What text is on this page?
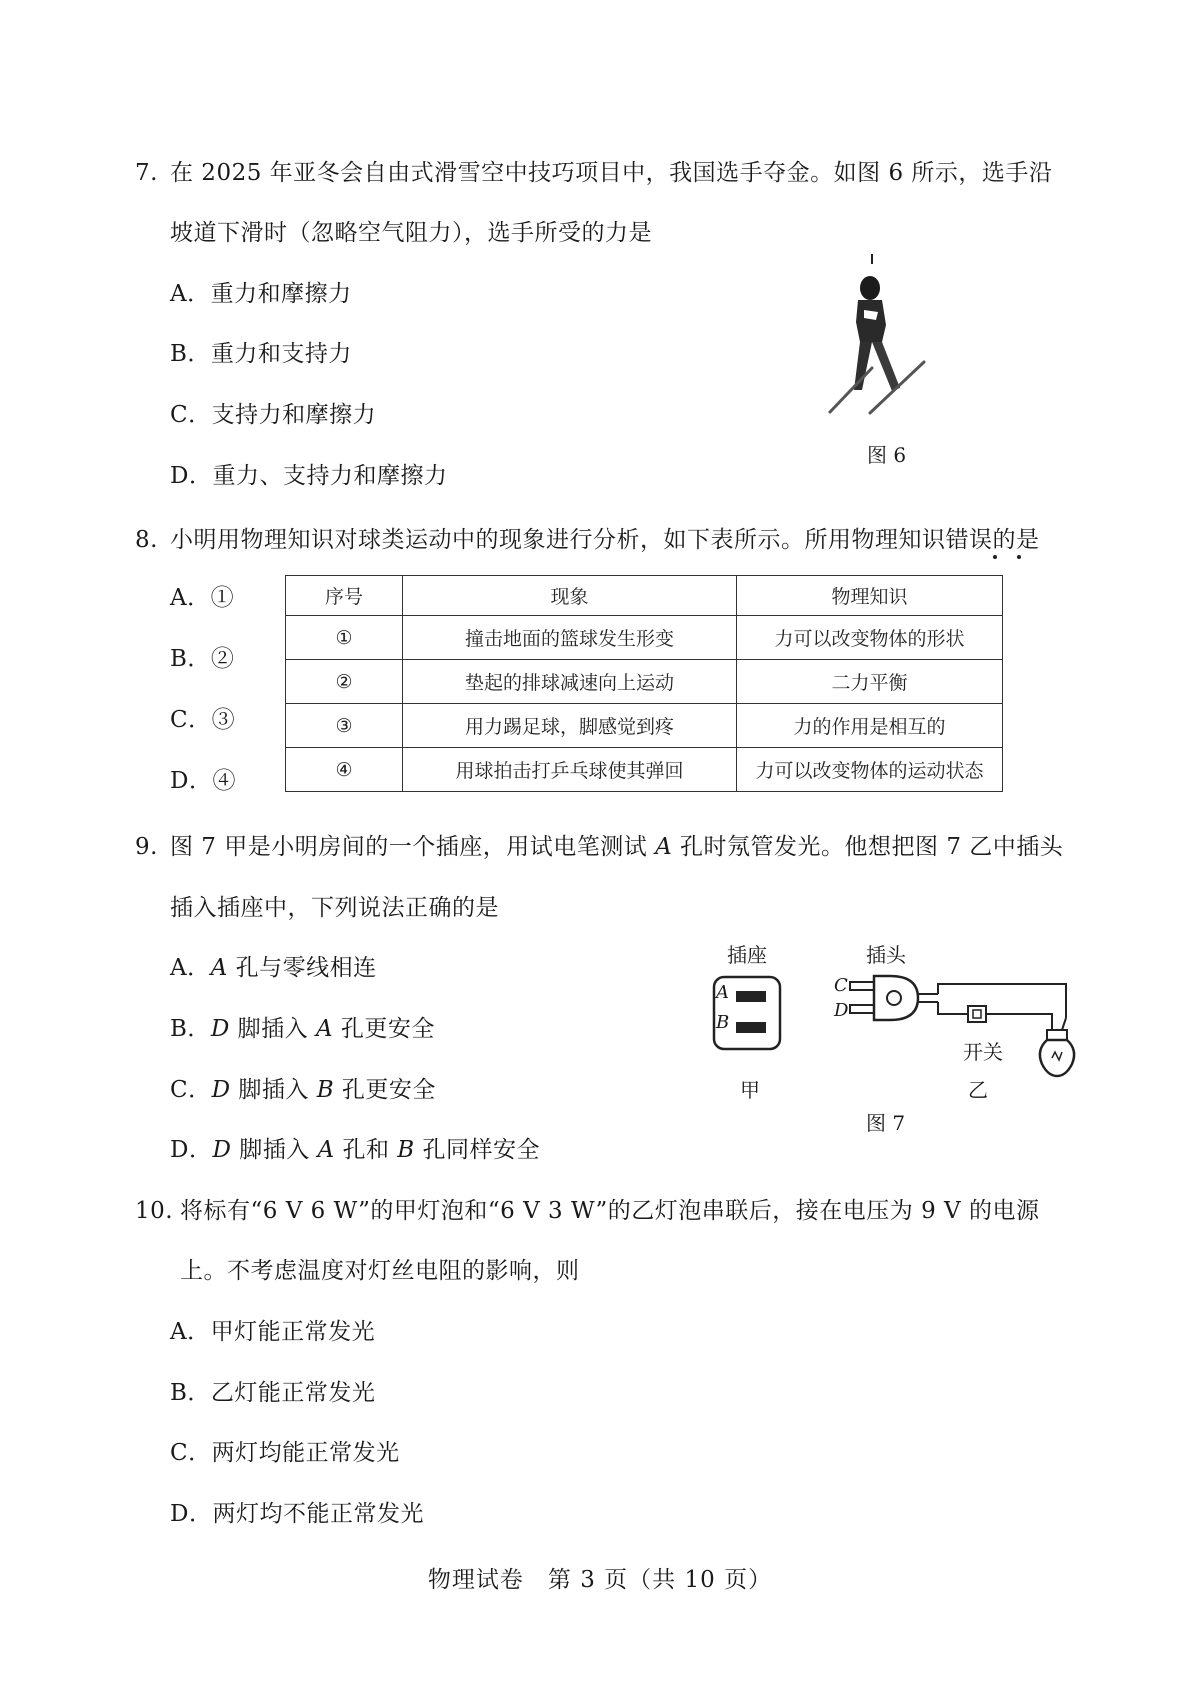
7. 在 2025 年亚冬会自由式滑雪空中技巧项目中，我国选手夺金。如图 6 所示，选手沿
坡道下滑时（忽略空气阻力），选手所受的力是
A．重力和摩擦力
B．重力和支持力
C．支持力和摩擦力
D．重力、支持力和摩擦力
图 6
8. 小明用物理知识对球类运动中的现象进行分析，如下表所示。所用物理知识错误的是
A．①
B．②
C．③
D．④
序号	现象	物理知识
①	撞击地面的篮球发生形变	力可以改变物体的形状
②	垫起的排球减速向上运动	二力平衡
③	用力踢足球，脚感觉到疼	力的作用是相互的
④	用球拍击打乒乓球使其弹回	力可以改变物体的运动状态
9. 图 7 甲是小明房间的一个插座，用试电笔测试 A 孔时氖管发光。他想把图 7 乙中插头
插入插座中，下列说法正确的是
A．A 孔与零线相连
B．D 脚插入 A 孔更安全
C．D 脚插入 B 孔更安全
D．D 脚插入 A 孔和 B 孔同样安全
插座	插头
A
B
C
D
开关
甲	乙
图 7
10. 将标有“6 V 6 W”的甲灯泡和“6 V 3 W”的乙灯泡串联后，接在电压为 9 V 的电源
上。不考虑温度对灯丝电阻的影响，则
A．甲灯能正常发光
B．乙灯能正常发光
C．两灯均能正常发光
D．两灯均不能正常发光
物理试卷　第 3 页（共 10 页）
